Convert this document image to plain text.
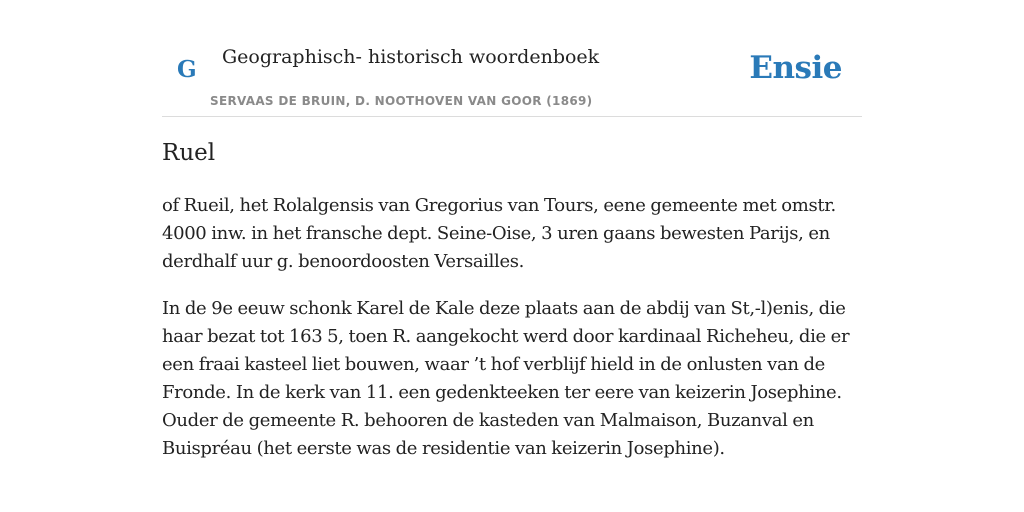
G Geographisch- historisch woordenboek
SERVAAS DE BRUIN, D. NOOTHOVEN VAN GOOR (1869)
Ensie
Ruel

of Rueil, het Rolalgensis van Gregorius van Tours, eene gemeente met omstr. 4000 inw. in het fransche dept. Seine-Oise, 3 uren gaans bewesten Parijs, en derdhalf uur g. benoordoosten Versailles.

In de 9e eeuw schonk Karel de Kale deze plaats aan de abdij van St,-l)enis, die haar bezat tot 163 5, toen R. aangekocht werd door kardinaal Richeheu, die er een fraai kasteel liet bouwen, waar ’t hof verblijf hield in de onlusten van de Fronde. In de kerk van 11. een gedenkteeken ter eere van keizerin Josephine. Ouder de gemeente R. behooren de kasteden van Malmaison, Buzanval en Buispréau (het eerste was de residentie van keizerin Josephine).
